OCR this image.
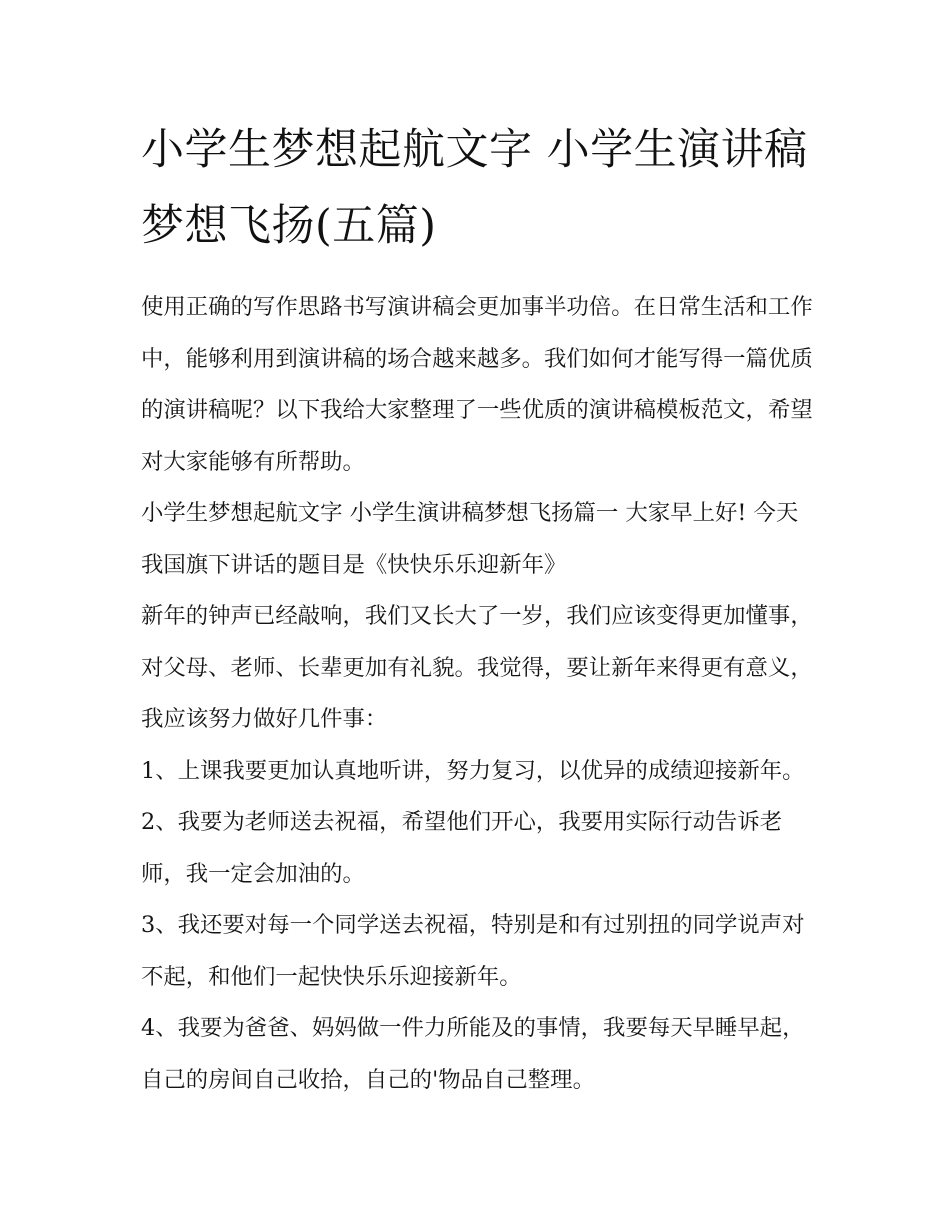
小学生梦想起航文字 小学生演讲稿梦想飞扬(五篇)

使用正确的写作思路书写演讲稿会更加事半功倍。在日常生活和工作中，能够利用到演讲稿的场合越来越多。我们如何才能写得一篇优质的演讲稿呢？以下我给大家整理了一些优质的演讲稿模板范文，希望对大家能够有所帮助。

小学生梦想起航文字 小学生演讲稿梦想飞扬篇一 大家早上好! 今天我国旗下讲话的题目是《快快乐乐迎新年》

新年的钟声已经敲响，我们又长大了一岁，我们应该变得更加懂事，对父母、老师、长辈更加有礼貌。我觉得，要让新年来得更有意义，我应该努力做好几件事：

1、上课我要更加认真地听讲，努力复习，以优异的成绩迎接新年。 2、我要为老师送去祝福，希望他们开心，我要用实际行动告诉老师，我一定会加油的。

3、我还要对每一个同学送去祝福，特别是和有过别扭的同学说声对不起，和他们一起快快乐乐迎接新年。

4、我要为爸爸、妈妈做一件力所能及的事情，我要每天早睡早起，自己的房间自己收拾，自己的'物品自己整理。
